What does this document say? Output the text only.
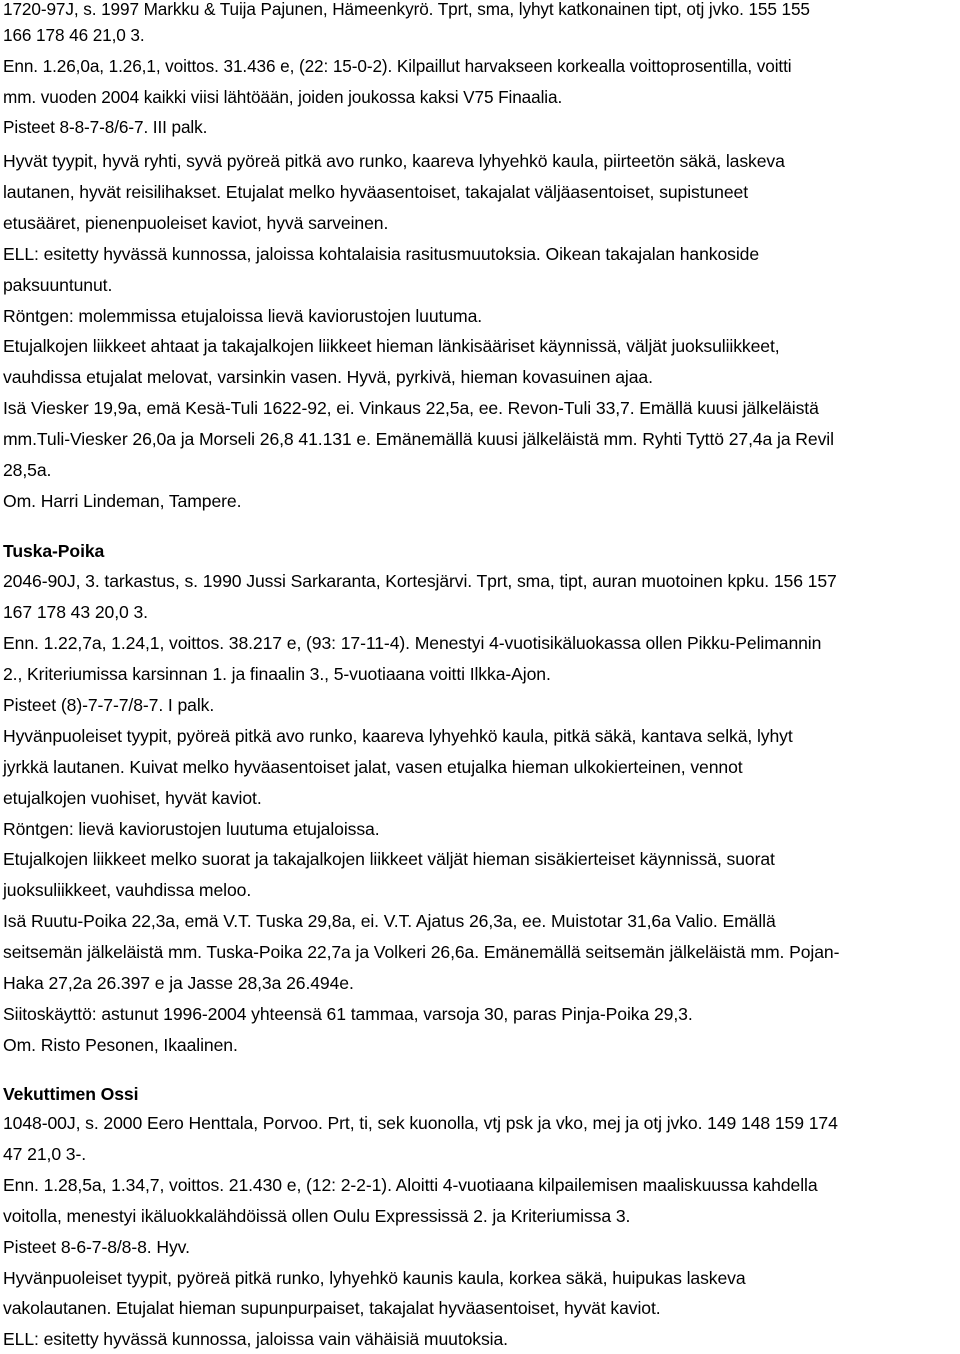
1720-97J, s. 1997 Markku & Tuija Pajunen, Hämeenkyrö. Tprt, sma, lyhyt katkonainen tipt, otj jvko. 155 155
166 178 46 21,0 3.
Enn. 1.26,0a, 1.26,1, voittos. 31.436 e, (22: 15-0-2). Kilpaillut harvakseen korkealla voittoprosentilla, voitti
mm. vuoden 2004 kaikki viisi lähtöään, joiden joukossa kaksi V75 Finaalia.
Pisteet 8-8-7-8/6-7. III palk.
Hyvät tyypit, hyvä ryhti, syvä pyöreä pitkä avo runko, kaareva lyhyehkö kaula, piirteetön säkä, laskeva
lautanen, hyvät reisilihakset. Etujalat melko hyväasentoiset, takajalat väljäasentoiset, supistuneet
etusääret, pienenpuoleiset kaviot, hyvä sarveinen.
ELL: esitetty hyvässä kunnossa, jaloissa kohtalaisia rasitusmuutoksia. Oikean takajalan hankoside
paksuuntunut.
Röntgen: molemmissa etujaloissa lievä kaviorustojen luutuma.
Etujalkojen liikkeet ahtaat ja takajalkojen liikkeet hieman länkisääriset käynnissä, väljät juoksuliikkeet,
vauhdissa etujalat melovat, varsinkin vasen. Hyvä, pyrkivä, hieman kovasuinen ajaa.
Isä Viesker 19,9a, emä Kesä-Tuli 1622-92, ei. Vinkaus 22,5a, ee. Revon-Tuli 33,7. Emällä kuusi jälkeläistä
mm.Tuli-Viesker 26,0a ja Morseli 26,8 41.131 e. Emänemällä kuusi jälkeläistä mm. Ryhti Tyttö 27,4a ja Revil
28,5a.
Om. Harri Lindeman, Tampere.
Tuska-Poika
2046-90J, 3. tarkastus, s. 1990 Jussi Sarkaranta, Kortesjärvi. Tprt, sma, tipt, auran muotoinen kpku. 156 157
167 178 43 20,0 3.
Enn. 1.22,7a, 1.24,1, voittos. 38.217 e, (93: 17-11-4). Menestyi 4-vuotisikäluokassa ollen Pikku-Pelimannin
2., Kriteriumissa karsinnan 1. ja finaalin 3., 5-vuotiaana voitti Ilkka-Ajon.
Pisteet (8)-7-7-7/8-7. I palk.
Hyvänpuoleiset tyypit, pyöreä pitkä avo runko, kaareva lyhyehkö kaula, pitkä säkä, kantava selkä, lyhyt
jyrkkä lautanen. Kuivat melko hyväasentoiset jalat, vasen etujalka hieman ulkokierteinen, vennot
etujalkojen vuohiset, hyvät kaviot.
Röntgen: lievä kaviorustojen luutuma etujaloissa.
Etujalkojen liikkeet melko suorat ja takajalkojen liikkeet väljät hieman sisäkierteiset käynnissä, suorat
juoksuliikkeet, vauhdissa meloo.
Isä Ruutu-Poika 22,3a, emä V.T. Tuska 29,8a, ei. V.T. Ajatus 26,3a, ee. Muistotar 31,6a Valio. Emällä
seitsemän jälkeläistä mm. Tuska-Poika 22,7a ja Volkeri 26,6a. Emänemällä seitsemän jälkeläistä mm. Pojan-
Haka 27,2a 26.397 e ja Jasse 28,3a 26.494e.
Siitoskäyttö: astunut 1996-2004 yhteensä 61 tammaa, varsoja 30, paras Pinja-Poika 29,3.
Om. Risto Pesonen, Ikaalinen.
Vekuttimen Ossi
1048-00J, s. 2000 Eero Henttala, Porvoo. Prt, ti, sek kuonolla, vtj psk ja vko, mej ja otj jvko. 149 148 159 174
47 21,0 3-.
Enn. 1.28,5a, 1.34,7, voittos. 21.430 e, (12: 2-2-1). Aloitti 4-vuotiaana kilpailemisen maaliskuussa kahdella
voitolla, menestyi ikäluokkalähdöissä ollen Oulu Expressissä 2. ja Kriteriumissa 3.
Pisteet 8-6-7-8/8-8. Hyv.
Hyvänpuoleiset tyypit, pyöreä pitkä runko, lyhyehkö kaunis kaula, korkea säkä, huipukas laskeva
vakolautanen. Etujalat hieman supunpurpaiset, takajalat hyväasentoiset, hyvät kaviot.
ELL: esitetty hyvässä kunnossa, jaloissa vain vähäisiä muutoksia.
